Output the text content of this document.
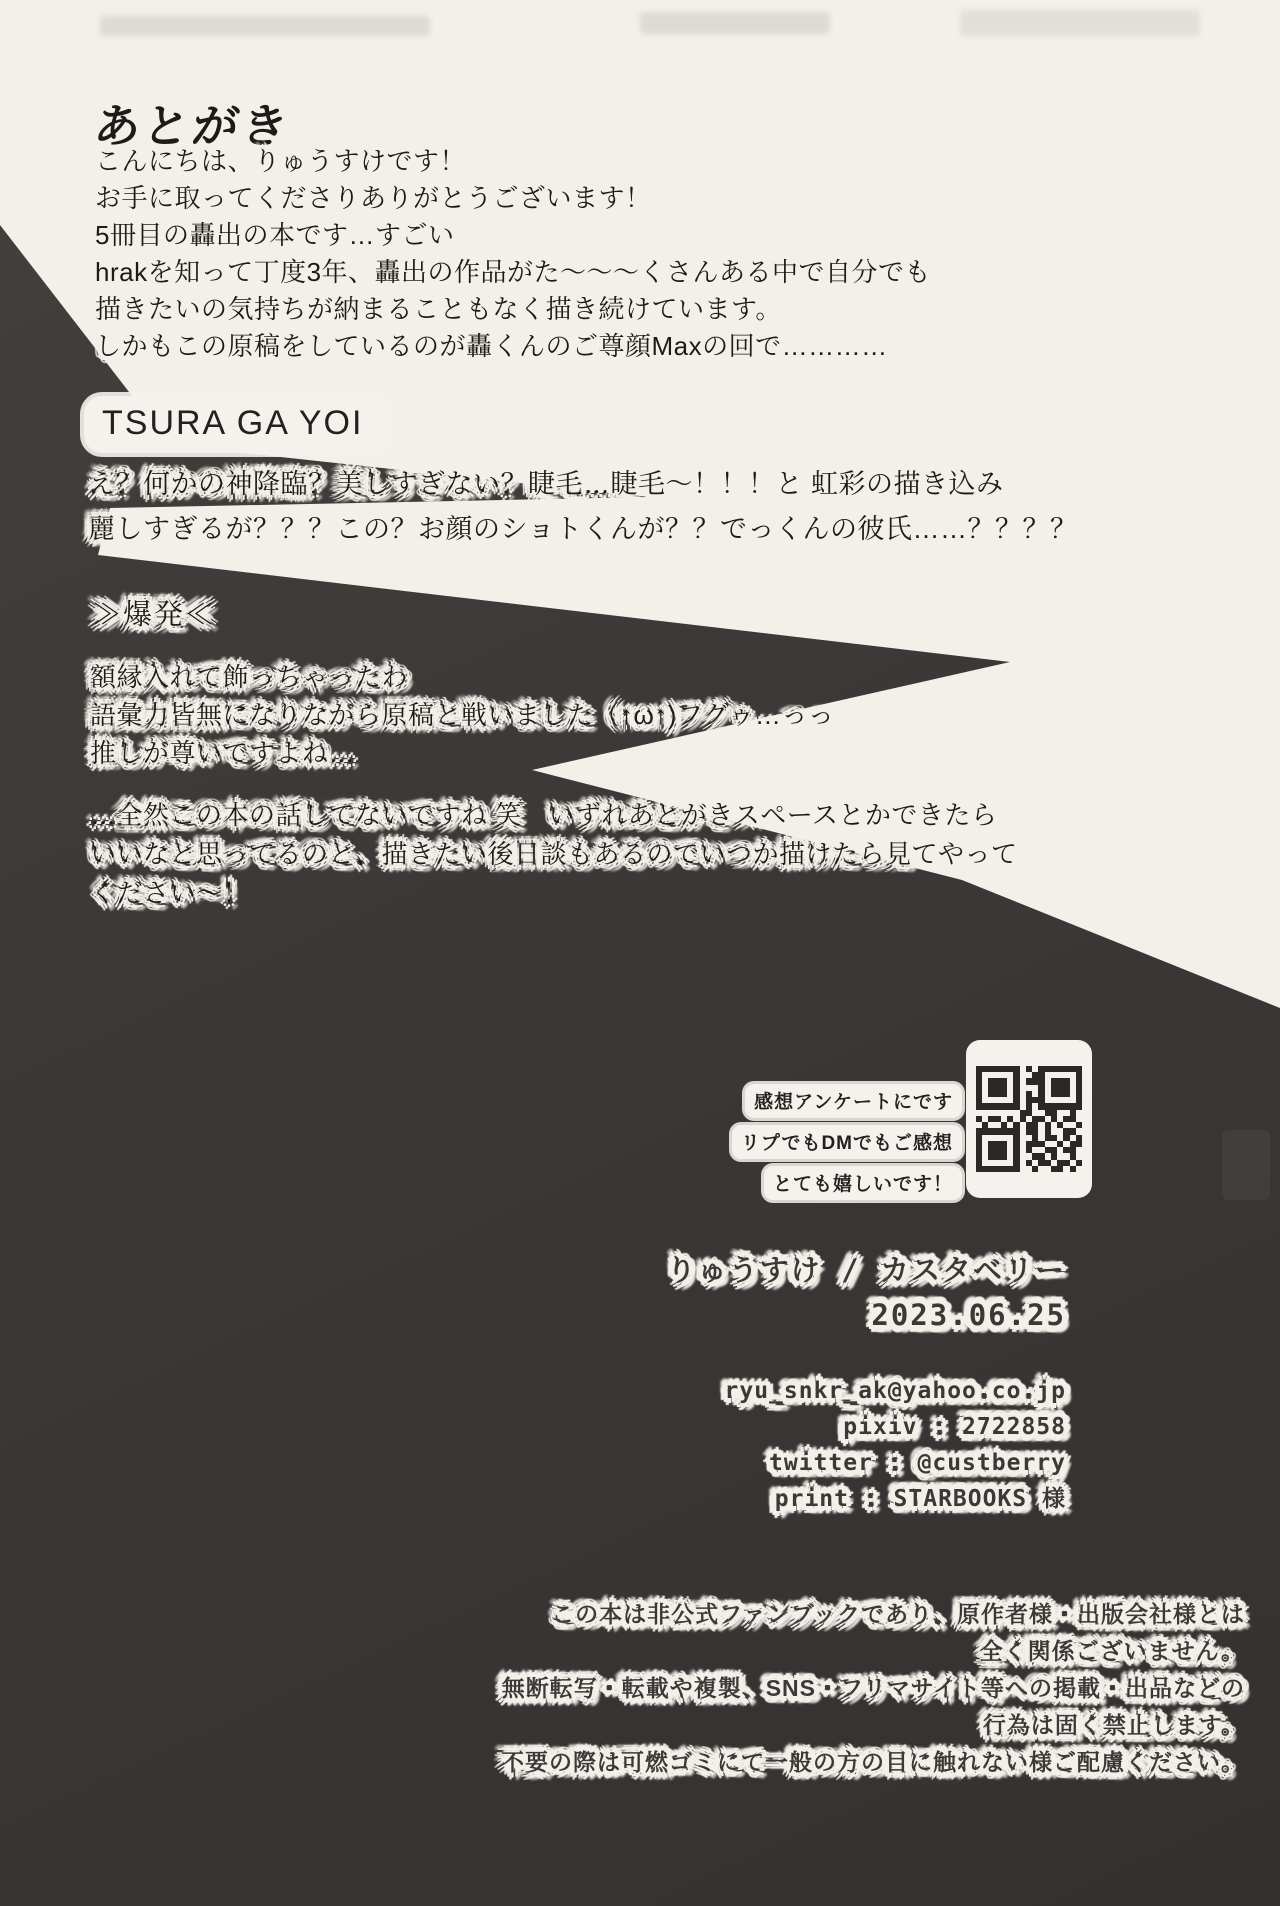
あとがき
こんにちは、りゅうすけです！
お手に取ってくださりありがとうございます！
5冊目の轟出の本です…すごい
hrakを知って丁度3年、轟出の作品がた～～～くさんある中で自分でも
描きたいの気持ちが納まることもなく描き続けています。
しかもこの原稿をしているのが轟くんのご尊顔Maxの回で…………
TSURA GA YOI
え？何かの神降臨？美しすぎない？睫毛…睫毛～！！！と 虹彩の描き込み
麗しすぎるが？？？この？お顔のショトくんが？？でっくんの彼氏……？？？？
≫爆発≪
額縁入れて飾っちゃったわ
語彙力皆無になりながら原稿と戦いました（↑ω↑)フグゥ…っっ
推しが尊いですよね…
…全然この本の話してないですね 笑　いずれあとがきスペースとかできたら
いいなと思ってるのと、描きたい後日談もあるのでいつか描けたら見てやって
ください～！
感想アンケートにです
リプでもDMでもご感想
とても嬉しいです！
りゅうすけ / カスタベリー
2023.06.25
ryu_snkr_ak@yahoo.co.jp
pixiv : 2722858
twitter : @custberry
print : STARBOOKS 様
この本は非公式ファンブックであり、原作者様・出版会社様とは
全く関係ございません。
無断転写・転載や複製、SNS・フリマサイト等への掲載・出品などの
行為は固く禁止します。
不要の際は可燃ゴミにて一般の方の目に触れない様ご配慮ください。
